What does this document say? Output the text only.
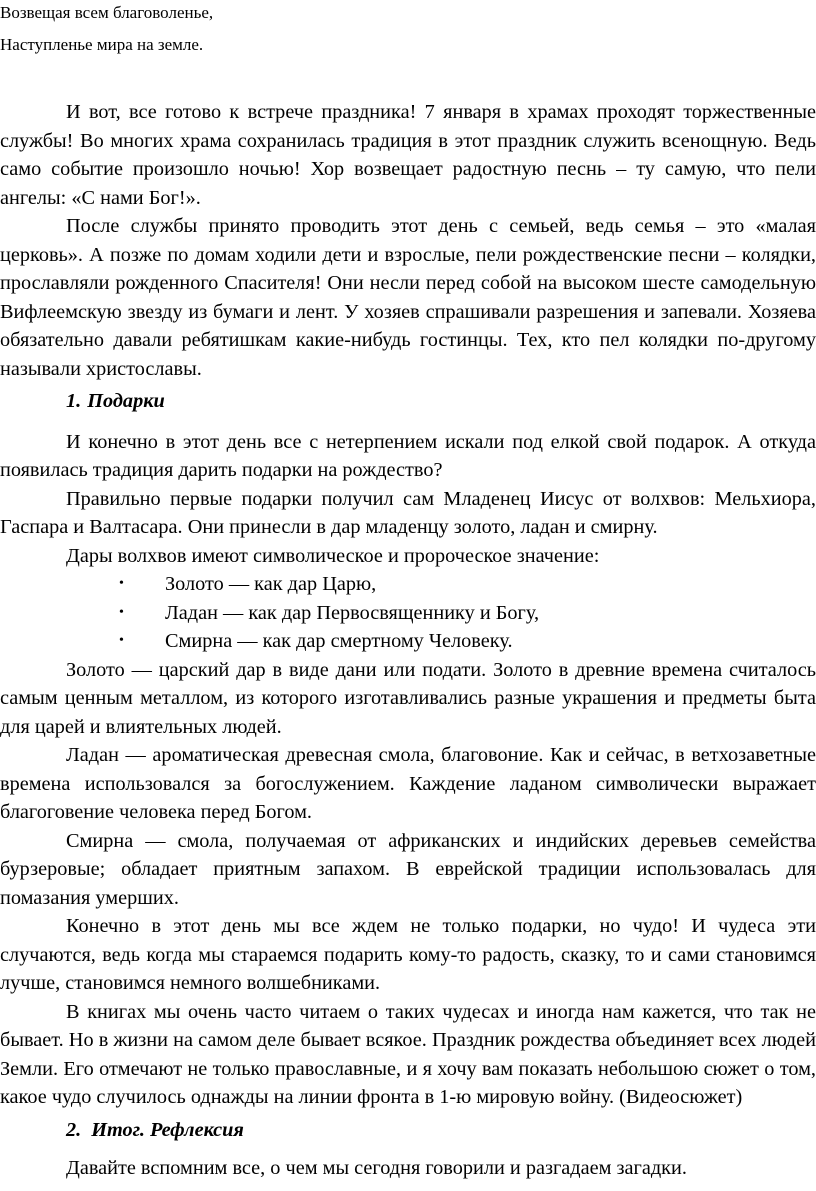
Возвещая всем благоволенье,
Наступленье мира на земле.

И вот, все готово к встрече праздника! 7 января в храмах проходят торжественные службы! Во многих храма сохранилась традиция в этот праздник служить всенощную. Ведь само событие произошло ночью! Хор возвещает радостную песнь – ту самую, что пели ангелы: «С нами Бог!».

После службы принято проводить этот день с семьей, ведь семья – это «малая церковь». А позже по домам ходили дети и взрослые, пели рождественские песни – колядки, прославляли рожденного Спасителя! Они несли перед собой на высоком шесте самодельную Вифлеемскую звезду из бумаги и лент. У хозяев спрашивали разрешения и запевали. Хозяева обязательно давали ребятишкам какие-нибудь гостинцы. Тех, кто пел колядки по-другому называли христославы.

1. Подарки

И конечно в этот день все с нетерпением искали под елкой свой подарок. А откуда появилась традиция дарить подарки на рождество?

Правильно первые подарки получил сам Младенец Иисус от волхвов: Мельхиора, Гаспара и Валтасара. Они принесли в дар младенцу золото, ладан и смирну.

Дары волхвов имеют символическое и пророческое значение:

• Золото — как дар Царю,
• Ладан — как дар Первосвященнику и Богу,
• Смирна — как дар смертному Человеку.

Золото — царский дар в виде дани или подати. Золото в древние времена считалось самым ценным металлом, из которого изготавливались разные украшения и предметы быта для царей и влиятельных людей.

Ладан — ароматическая древесная смола, благовоние. Как и сейчас, в ветхозаветные времена использовался за богослужением. Каждение ладаном символически выражает благоговение человека перед Богом.

Смирна — смола, получаемая от африканских и индийских деревьев семейства бурзеровые; обладает приятным запахом. В еврейской традиции использовалась для помазания умерших.

Конечно в этот день мы все ждем не только подарки, но чудо! И чудеса эти случаются, ведь когда мы стараемся подарить кому-то радость, сказку, то и сами становимся лучше, становимся немного волшебниками.

В книгах мы очень часто читаем о таких чудесах и иногда нам кажется, что так не бывает. Но в жизни на самом деле бывает всякое. Праздник рождества объединяет всех людей Земли. Его отмечают не только православные, и я хочу вам показать небольшою сюжет о том, какое чудо случилось однажды на линии фронта в 1-ю мировую войну. (Видеосюжет)

2. Итог. Рефлексия

Давайте вспомним все, о чем мы сегодня говорили и разгадаем загадки.
